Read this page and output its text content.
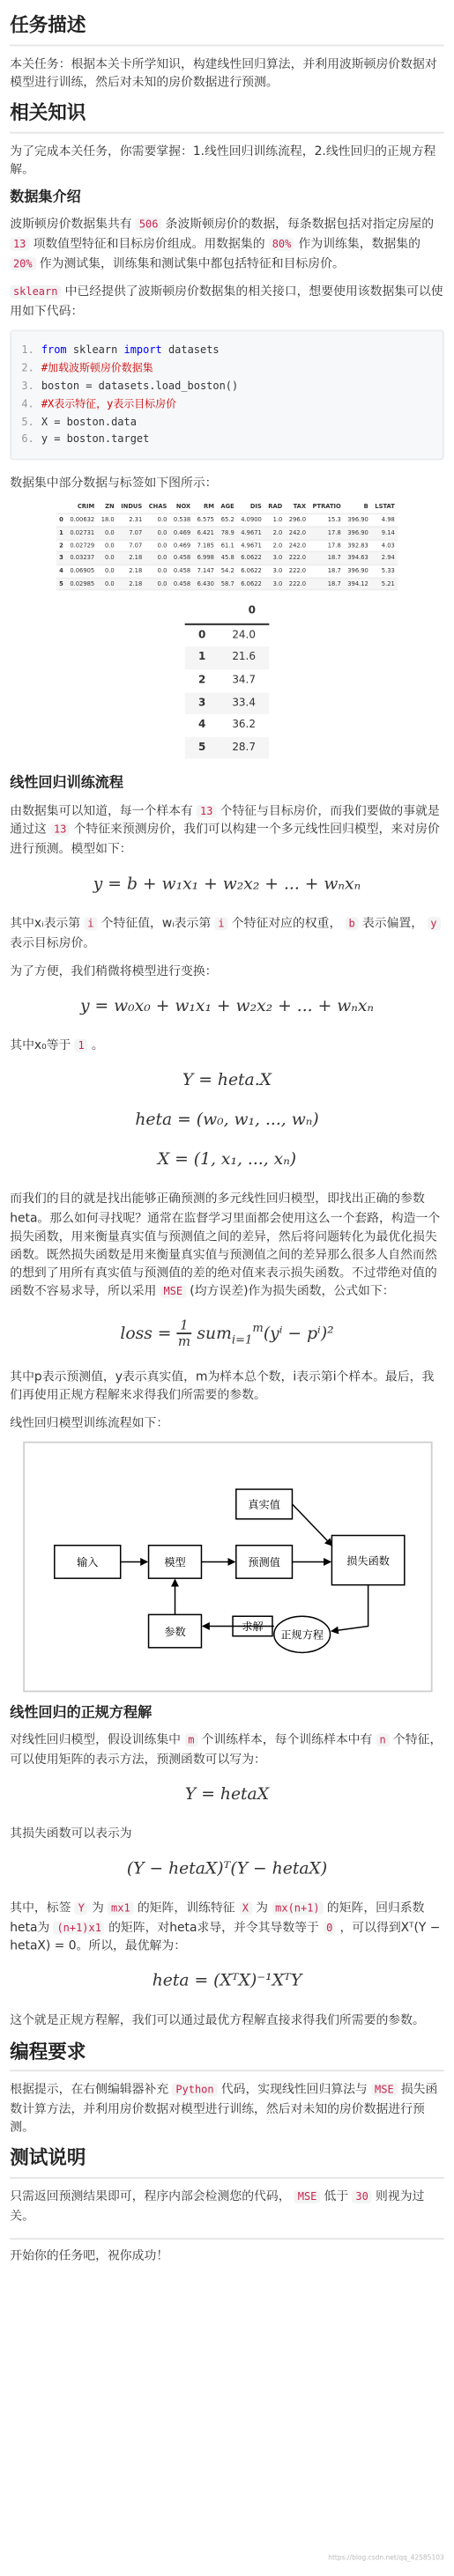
任务描述

本关任务：根据本关卡所学知识，构建线性回归算法，并利用波斯顿房价数据对模型进行训练，然后对未知的房价数据进行预测。

相关知识

为了完成本关任务，你需要掌握：1.线性回归训练流程，2.线性回归的正规方程解。

数据集介绍

波斯顿房价数据集共有 506 条波斯顿房价的数据，每条数据包括对指定房屋的 13 项数值型特征和目标房价组成。用数据集的 80% 作为训练集，数据集的 20% 作为测试集，训练集和测试集中都包括特征和目标房价。

sklearn 中已经提供了波斯顿房价数据集的相关接口，想要使用该数据集可以使用如下代码：

1.	from sklearn import datasets
2.	#加载波斯顿房价数据集
3.	boston = datasets.load_boston()
4.	#X表示特征，y表示目标房价
5.	X = boston.data
6.	y = boston.target

数据集中部分数据与标签如下图所示：

	CRIM	ZN	INDUS	CHAS	NOX	RM	AGE	DIS	RAD	TAX	PTRATIO	B	LSTAT
0	0.00632	18.0	2.31	0.0	0.538	6.575	65.2	4.0900	1.0	296.0	15.3	396.90	4.98
1	0.02731	0.0	7.07	0.0	0.469	6.421	78.9	4.9671	2.0	242.0	17.8	396.90	9.14
2	0.02729	0.0	7.07	0.0	0.469	7.185	61.1	4.9671	2.0	242.0	17.8	392.83	4.03
3	0.03237	0.0	2.18	0.0	0.458	6.998	45.8	6.0622	3.0	222.0	18.7	394.63	2.94
4	0.06905	0.0	2.18	0.0	0.458	7.147	54.2	6.0622	3.0	222.0	18.7	396.90	5.33
5	0.02985	0.0	2.18	0.0	0.458	6.430	58.7	6.0622	3.0	222.0	18.7	394.12	5.21
	0
0	24.0
1	21.6
2	34.7
3	33.4
4	36.2
5	28.7
线性回归训练流程

由数据集可以知道，每一个样本有 13 个特征与目标房价，而我们要做的事就是通过这 13 个特征来预测房价，我们可以构建一个多元线性回归模型，来对房价进行预测。模型如下：

y = b + w₁x₁ + w₂x₂ + ... + wₙxₙ

其中xᵢ表示第 i 个特征值，wᵢ表示第 i 个特征对应的权重， b 表示偏置， y 表示目标房价。

为了方便，我们稍微将模型进行变换：

y = w₀x₀ + w₁x₁ + w₂x₂ + ... + wₙxₙ

其中x₀等于 1 。

Y = heta.X
heta = (w₀, w₁, ..., wₙ)
X = (1, x₁, ..., xₙ)

而我们的目的就是找出能够正确预测的多元线性回归模型，即找出正确的参数heta。那么如何寻找呢？通常在监督学习里面都会使用这么一个套路，构造一个损失函数，用来衡量真实值与预测值之间的差异，然后将问题转化为最优化损失函数。既然损失函数是用来衡量真实值与预测值之间的差异那么很多人自然而然的想到了用所有真实值与预测值的差的绝对值来表示损失函数。不过带绝对值的函数不容易求导，所以采用 MSE (均方误差)作为损失函数，公式如下：

loss = $\frac{1}{m} sum_{i=1}^m(y^i - p^i)^2$

其中p表示预测值，y表示真实值，m为样本总个数，i表示第i个样本。最后，我们再使用正规方程解来求得我们所需要的参数。

线性回归模型训练流程如下：

输入	模型
真实值
预测值	损失函数
参数	求解
正规方程
线性回归的正规方程解

对线性回归模型，假设训练集中 m 个训练样本，每个训练样本中有 n 个特征，可以使用矩阵的表示方法，预测函数可以写为：

Y = hetaX

其损失函数可以表示为

(Y − hetaX)ᵀ(Y − hetaX)

其中，标签 Y 为 mx1 的矩阵，训练特征 X 为 mx(n+1) 的矩阵，回归系数heta为 (n+1)x1 的矩阵，对heta求导，并令其导数等于 0 ，可以得到Xᵀ(Y − hetaX) = 0。所以，最优解为：

heta = (XᵀX)⁻¹XᵀY

这个就是正规方程解，我们可以通过最优方程解直接求得我们所需要的参数。

编程要求

根据提示，在右侧编辑器补充 Python 代码，实现线性回归算法与 MSE 损失函数计算方法，并利用房价数据对模型进行训练，然后对未知的房价数据进行预测。

测试说明

只需返回预测结果即可，程序内部会检测您的代码， MSE 低于 30 则视为过关。

开始你的任务吧，祝你成功！
https://blog.csdn.net/qq_42585103
